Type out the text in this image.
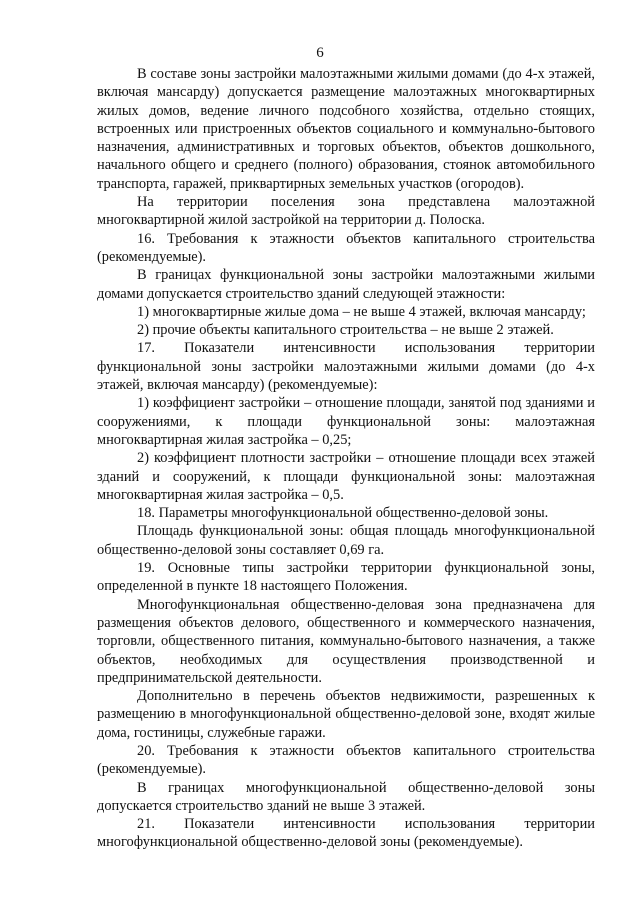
6

В составе зоны застройки малоэтажными жилыми домами (до 4-х этажей, включая мансарду) допускается размещение малоэтажных многоквартирных жилых домов, ведение личного подсобного хозяйства, отдельно стоящих, встроенных или пристроенных объектов социального и коммунально-бытового назначения, административных и торговых объектов, объектов дошкольного, начального общего и среднего (полного) образования, стоянок автомобильного транспорта, гаражей, приквартирных земельных участков (огородов).

На территории поселения зона представлена малоэтажной многоквартирной жилой застройкой на территории д. Полоска.

16. Требования к этажности объектов капитального строительства (рекомендуемые).

В границах функциональной зоны застройки малоэтажными жилыми домами допускается строительство зданий следующей этажности:

1) многоквартирные жилые дома – не выше 4 этажей, включая мансарду;

2) прочие объекты капитального строительства – не выше 2 этажей.

17. Показатели интенсивности использования территории функциональной зоны застройки малоэтажными жилыми домами (до 4-х этажей, включая мансарду) (рекомендуемые):

1) коэффициент застройки – отношение площади, занятой под зданиями и сооружениями, к площади функциональной зоны: малоэтажная многоквартирная жилая застройка – 0,25;

2) коэффициент плотности застройки – отношение площади всех этажей зданий и сооружений, к площади функциональной зоны: малоэтажная многоквартирная жилая застройка – 0,5.

18. Параметры многофункциональной общественно-деловой зоны.

Площадь функциональной зоны: общая площадь многофункциональной общественно-деловой зоны составляет 0,69 га.

19. Основные типы застройки территории функциональной зоны, определенной в пункте 18 настоящего Положения.

Многофункциональная общественно-деловая зона предназначена для размещения объектов делового, общественного и коммерческого назначения, торговли, общественного питания, коммунально-бытового назначения, а также объектов, необходимых для осуществления производственной и предпринимательской деятельности.

Дополнительно в перечень объектов недвижимости, разрешенных к размещению в многофункциональной общественно-деловой зоне, входят жилые дома, гостиницы, служебные гаражи.

20. Требования к этажности объектов капитального строительства (рекомендуемые).

В границах многофункциональной общественно-деловой зоны допускается строительство зданий не выше 3 этажей.

21. Показатели интенсивности использования территории многофункциональной общественно-деловой зоны (рекомендуемые).
